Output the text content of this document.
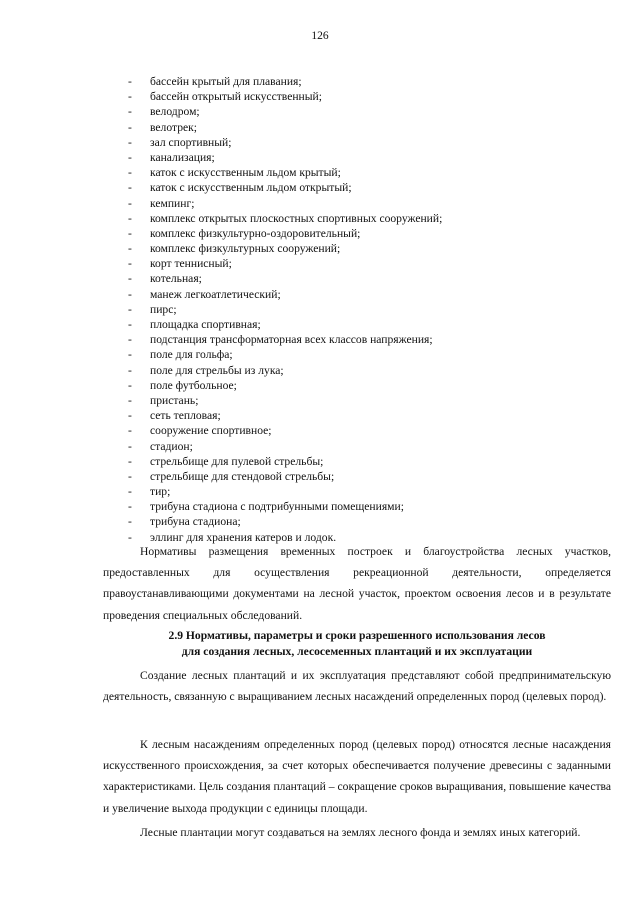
126
- бассейн крытый для плавания;
- бассейн открытый искусственный;
- велодром;
- велотрек;
- зал спортивный;
- канализация;
- каток с искусственным льдом крытый;
- каток с искусственным льдом открытый;
- кемпинг;
- комплекс открытых плоскостных спортивных сооружений;
- комплекс физкультурно-оздоровительный;
- комплекс физкультурных сооружений;
- корт теннисный;
- котельная;
- манеж легкоатлетический;
- пирс;
- площадка спортивная;
- подстанция трансформаторная всех классов напряжения;
- поле для гольфа;
- поле для стрельбы из лука;
- поле футбольное;
- пристань;
- сеть тепловая;
- сооружение спортивное;
- стадион;
- стрельбище для пулевой стрельбы;
- стрельбище для стендовой стрельбы;
- тир;
- трибуна стадиона с подтрибунными помещениями;
- трибуна стадиона;
- эллинг для хранения катеров и лодок.

Нормативы размещения временных построек и благоустройства лесных участков, предоставленных для осуществления рекреационной деятельности, определяется правоустанавливающими документами на лесной участок, проектом освоения лесов и в результате проведения специальных обследований.

2.9 Нормативы, параметры и сроки разрешенного использования лесов
для создания лесных, лесосеменных плантаций и их эксплуатации

Создание лесных плантаций и их эксплуатация представляют собой предпринимательскую деятельность, связанную с выращиванием лесных насаждений определенных пород (целевых пород).

К лесным насаждениям определенных пород (целевых пород) относятся лесные насаждения искусственного происхождения, за счет которых обеспечивается получение древесины с заданными характеристиками. Цель создания плантаций – сокращение сроков выращивания, повышение качества и увеличение выхода продукции с единицы площади.

Лесные плантации могут создаваться на землях лесного фонда и землях иных категорий.
